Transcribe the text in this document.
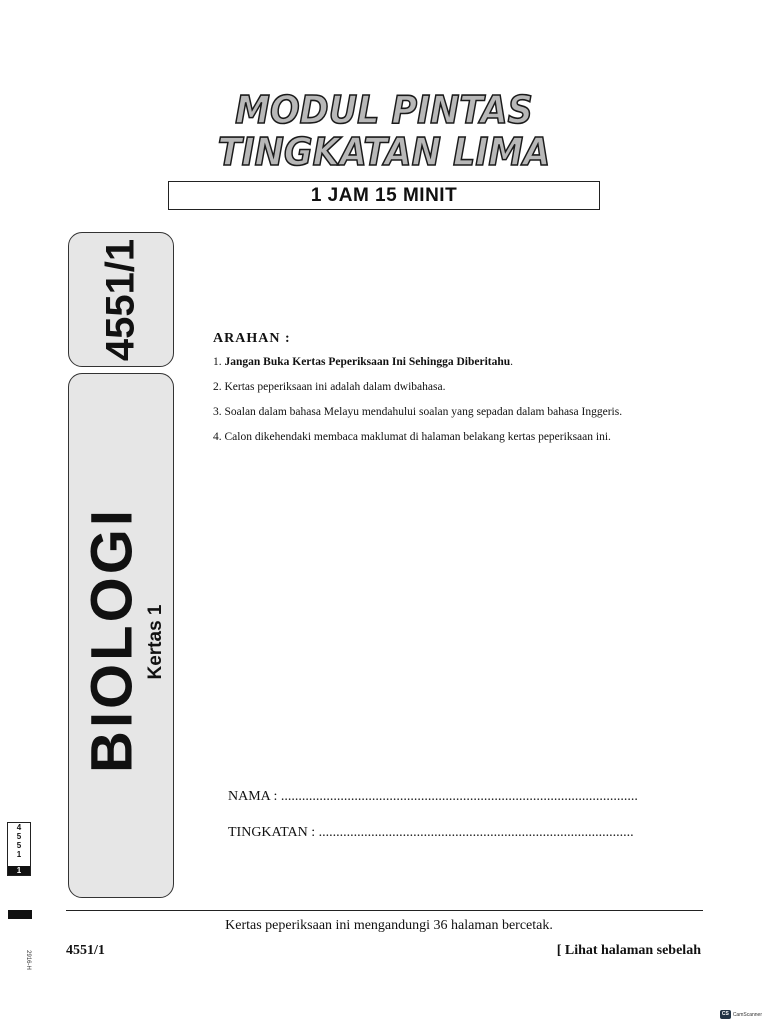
MODUL PINTAS
TINGKATAN LIMA
1 JAM 15 MINIT
4551/1
BIOLOGI Kertas 1
ARAHAN :
1. Jangan Buka Kertas Peperiksaan Ini Sehingga Diberitahu.
2. Kertas peperiksaan ini adalah dalam dwibahasa.
3. Soalan dalam bahasa Melayu mendahului soalan yang sepadan dalam bahasa Inggeris.
4. Calon dikehendaki membaca maklumat di halaman belakang kertas peperiksaan ini.
NAMA : ......................................................................................................
TINGKATAN : ..........................................................................................
Kertas peperiksaan ini mengandungi 36 halaman bercetak.
4551/1	[ Lihat halaman sebelah
4
5
5
1
1
2916-H
CS CamScanner
